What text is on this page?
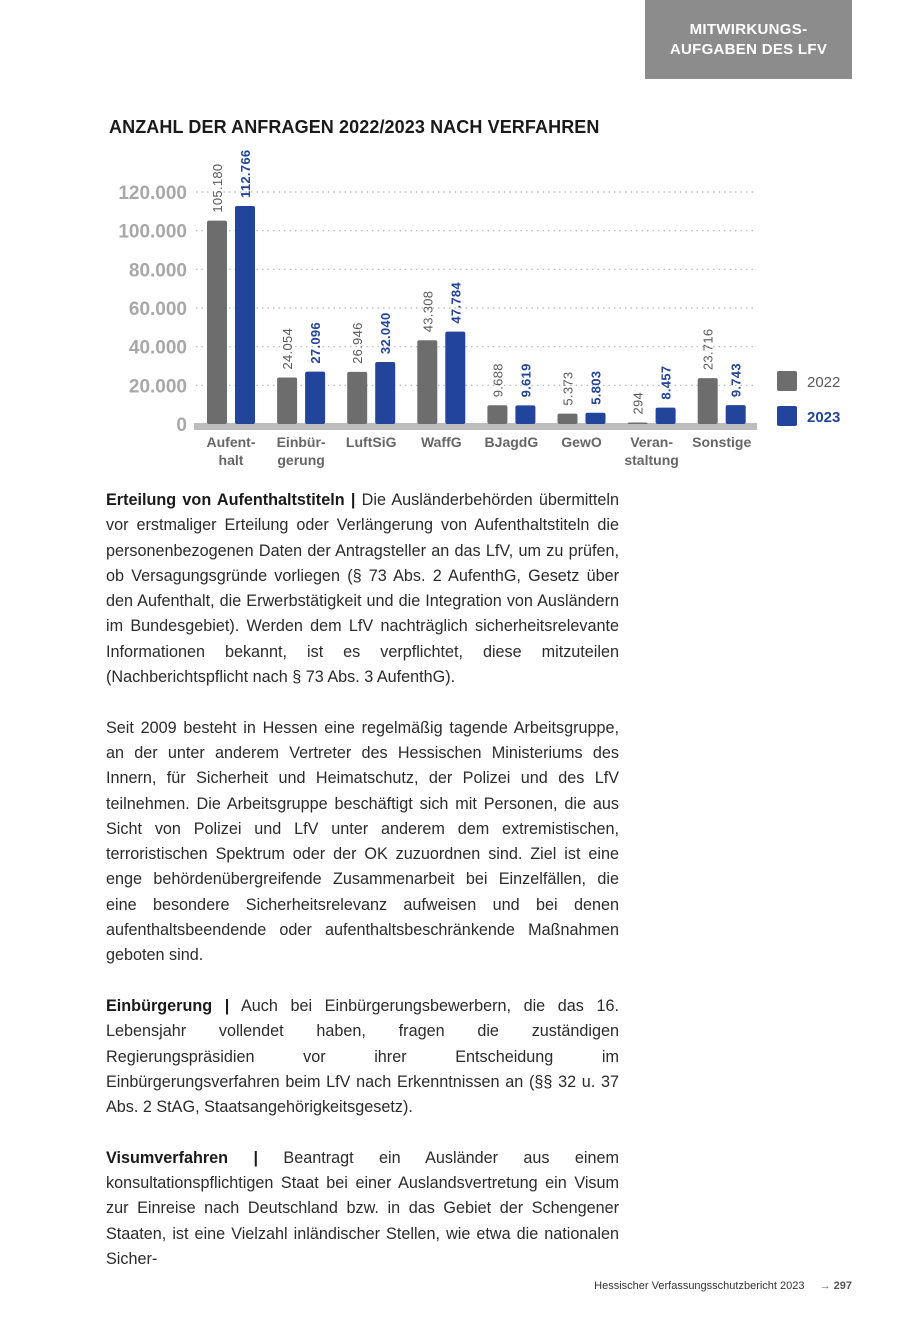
MITWIRKUNGS-
AUFGABEN DES LFV
ANZAHL DER ANFRAGEN 2022/2023 NACH VERFAHREN
0
20.000
40.000
60.000
80.000
100.000
120.000 105.180 112.766
Aufent-halt
24.054 27.096
Einbür-gerung
26.946 32.040
LuftSiG
43.308 47.784
WaffG
9.688 9.619
BJagdG
5.373 5.803
GewO
294
8.457
Veran-staltung
23.716
9.743
Sonstige
2022
2023

Erteilung von Aufenthaltstiteln | Die Ausländerbehörden übermitteln vor erstmaliger Erteilung oder Verlängerung von Aufenthaltstiteln die personenbezogenen Daten der Antragsteller an das LfV, um zu prüfen, ob Versagungsgründe vorliegen (§ 73 Abs. 2 AufenthG, Gesetz über den Aufenthalt, die Erwerbstätigkeit und die Integration von Ausländern im Bundesgebiet). Werden dem LfV nachträglich sicherheitsrelevante Informationen bekannt, ist es verpflichtet, diese mitzuteilen (Nachberichtspflicht nach § 73 Abs. 3 AufenthG).

Seit 2009 besteht in Hessen eine regelmäßig tagende Arbeitsgruppe, an der unter anderem Vertreter des Hessischen Ministeriums des Innern, für Sicherheit und Heimatschutz, der Polizei und des LfV teilnehmen. Die Arbeitsgruppe beschäftigt sich mit Personen, die aus Sicht von Polizei und LfV unter anderem dem extremistischen, terroristischen Spektrum oder der OK zuzuordnen sind. Ziel ist eine enge behördenübergreifende Zusammenarbeit bei Einzelfällen, die eine besondere Sicherheitsrelevanz aufweisen und bei denen aufenthaltsbeendende oder aufenthaltsbeschränkende Maßnahmen geboten sind.

Einbürgerung | Auch bei Einbürgerungsbewerbern, die das 16. Lebensjahr vollendet haben, fragen die zuständigen Regierungspräsidien vor ihrer Entscheidung im Einbürgerungsverfahren beim LfV nach Erkenntnissen an (§§ 32 u. 37 Abs. 2 StAG, Staatsangehörigkeitsgesetz).

Visumverfahren | Beantragt ein Ausländer aus einem konsultationspflichtigen Staat bei einer Auslandsvertretung ein Visum zur Einreise nach Deutschland bzw. in das Gebiet der Schengener Staaten, ist eine Vielzahl inländischer Stellen, wie etwa die nationalen Sicher-

Hessischer Verfassungsschutzbericht 2023 → 297
